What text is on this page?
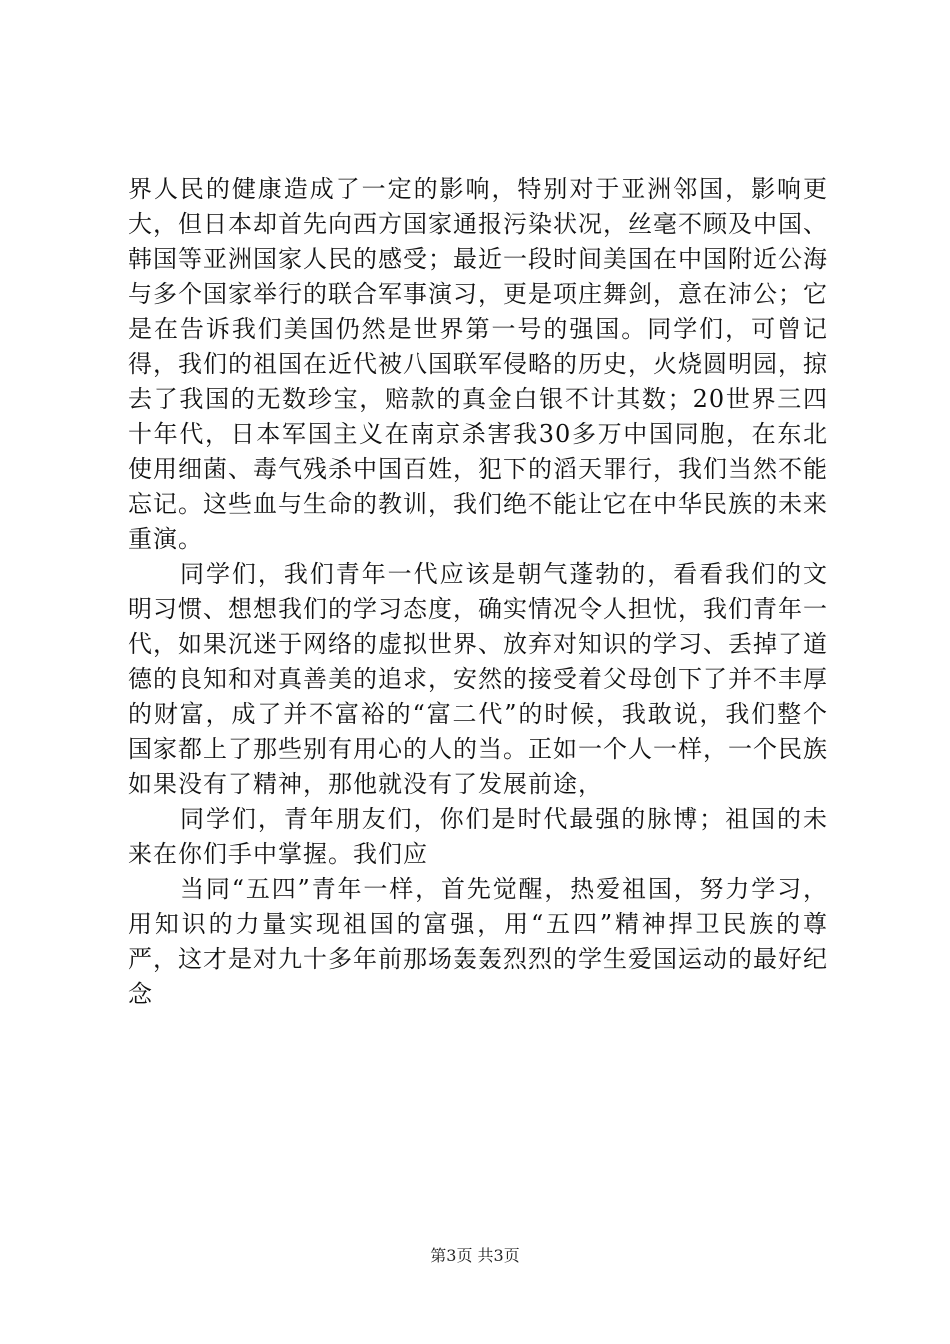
界人民的健康造成了一定的影响，特别对于亚洲邻国，影响更大，但日本却首先向西方国家通报污染状况，丝毫不顾及中国、韩国等亚洲国家人民的感受；最近一段时间美国在中国附近公海与多个国家举行的联合军事演习，更是项庄舞剑，意在沛公；它是在告诉我们美国仍然是世界第一号的强国。同学们，可曾记得，我们的祖国在近代被八国联军侵略的历史，火烧圆明园，掠去了我国的无数珍宝，赔款的真金白银不计其数；20世界三四十年代，日本军国主义在南京杀害我30多万中国同胞，在东北使用细菌、毒气残杀中国百姓，犯下的滔天罪行，我们当然不能忘记。这些血与生命的教训，我们绝不能让它在中华民族的未来重演。

同学们，我们青年一代应该是朝气蓬勃的，看看我们的文明习惯、想想我们的学习态度，确实情况令人担忧，我们青年一代，如果沉迷于网络的虚拟世界、放弃对知识的学习、丢掉了道德的良知和对真善美的追求，安然的接受着父母创下了并不丰厚的财富，成了并不富裕的“富二代”的时候，我敢说，我们整个国家都上了那些别有用心的人的当。正如一个人一样，一个民族如果没有了精神，那他就没有了发展前途，

同学们，青年朋友们，你们是时代最强的脉博；祖国的未来在你们手中掌握。我们应

当同“五四”青年一样，首先觉醒，热爱祖国，努力学习，用知识的力量实现祖国的富强，用“五四”精神捍卫民族的尊严，这才是对九十多年前那场轰轰烈烈的学生爱国运动的最好纪念

第3页 共3页
